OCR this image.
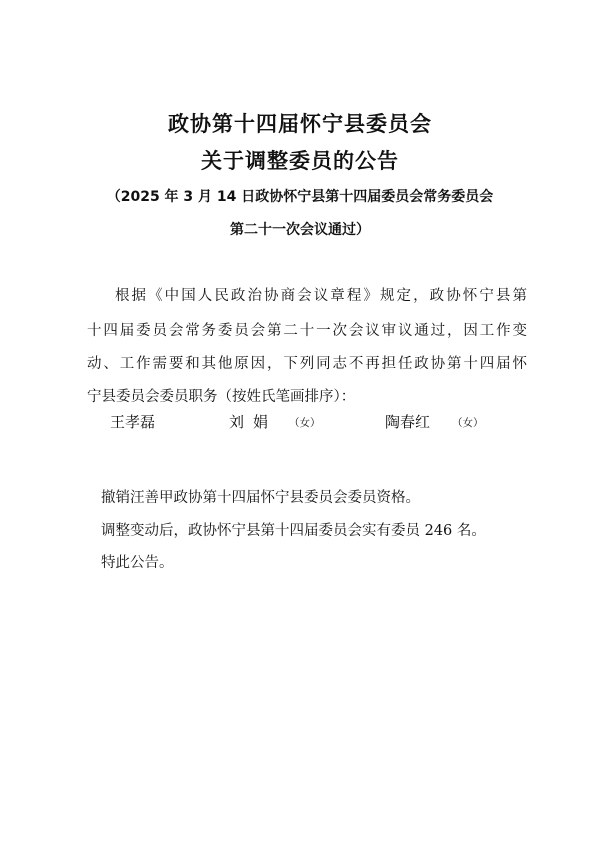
政协第十四届怀宁县委员会
关于调整委员的公告
（2025 年 3 月 14 日政协怀宁县第十四届委员会常务委员会
第二十一次会议通过）
根据《中国人民政治协商会议章程》规定，政协怀宁县第
十四届委员会常务委员会第二十一次会议审议通过，因工作变
动、工作需要和其他原因，下列同志不再担任政协第十四届怀
宁县委员会委员职务（按姓氏笔画排序）：
王孝磊	刘娟 （女）	陶春红 （女）
撤销汪善甲政协第十四届怀宁县委员会委员资格。
调整变动后，政协怀宁县第十四届委员会实有委员 246 名。
特此公告。
